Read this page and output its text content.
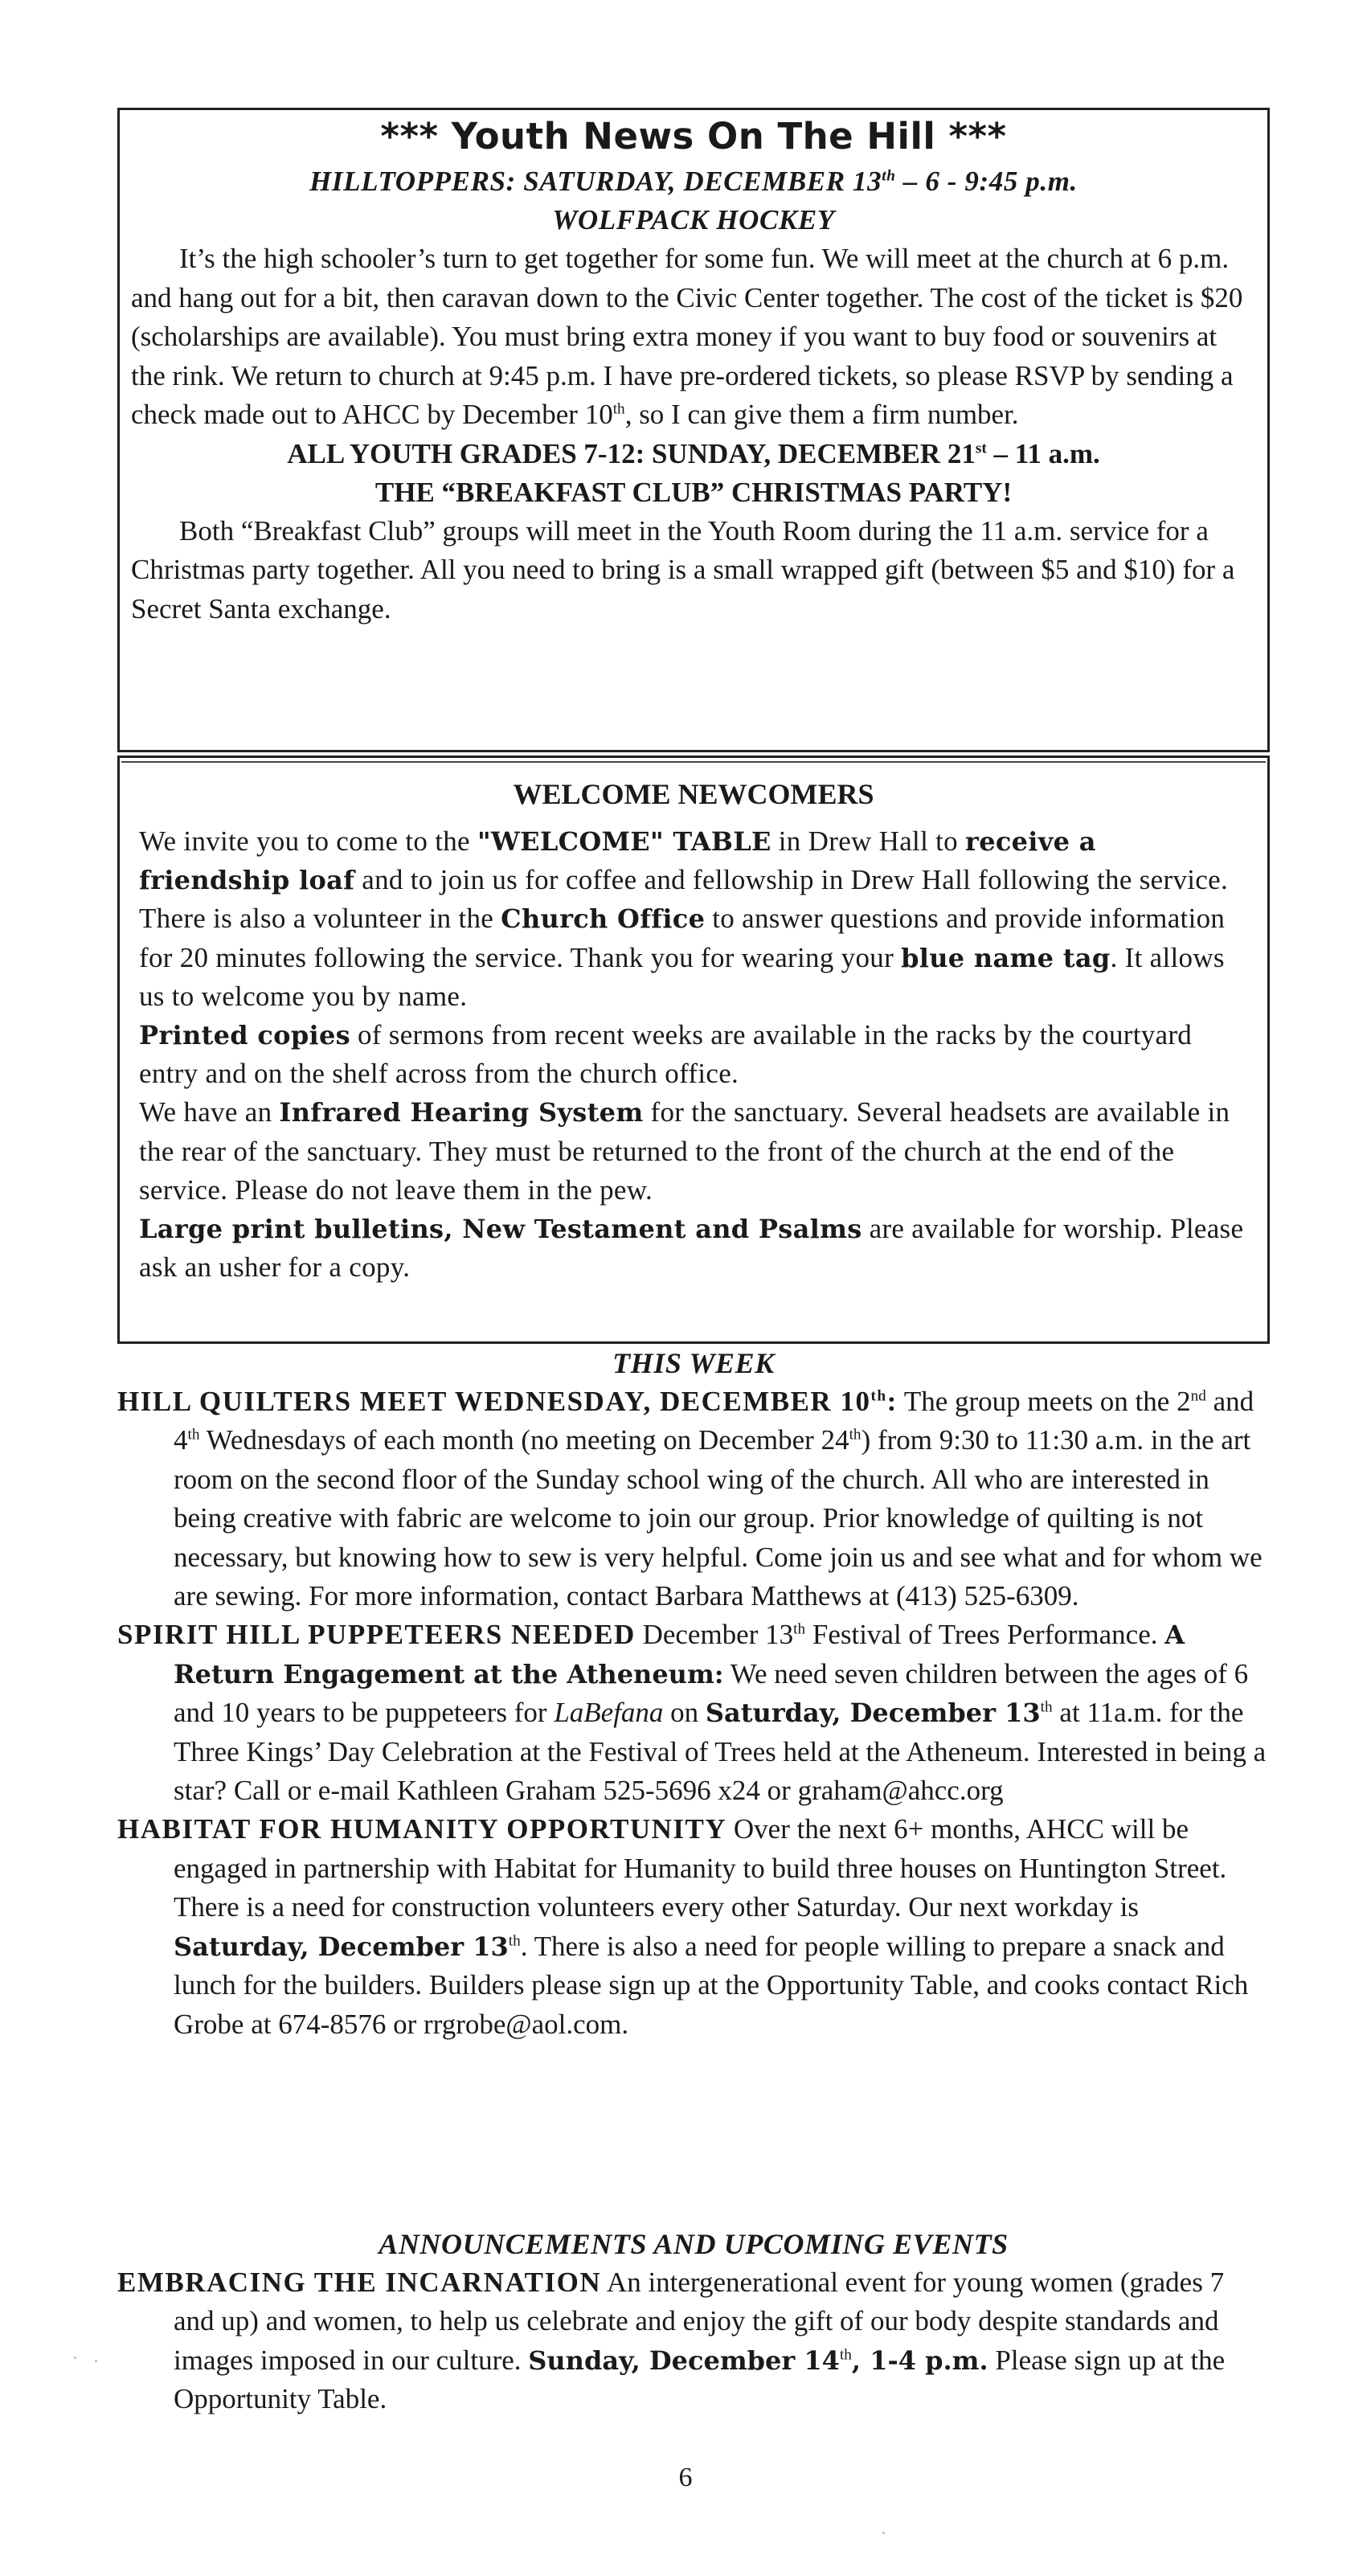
*** Youth News On The Hill ***
HILLTOPPERS: SATURDAY, DECEMBER 13th – 6 - 9:45 p.m.
WOLFPACK HOCKEY
It’s the high schooler’s turn to get together for some fun. We will meet at the church at 6 p.m. and hang out for a bit, then caravan down to the Civic Center together. The cost of the ticket is $20 (scholarships are available). You must bring extra money if you want to buy food or souvenirs at the rink. We return to church at 9:45 p.m. I have pre-ordered tickets, so please RSVP by sending a check made out to AHCC by December 10th, so I can give them a firm number.
ALL YOUTH GRADES 7-12: SUNDAY, DECEMBER 21st – 11 a.m.
THE “BREAKFAST CLUB” CHRISTMAS PARTY!
Both “Breakfast Club” groups will meet in the Youth Room during the 11 a.m. service for a Christmas party together. All you need to bring is a small wrapped gift (between $5 and $10) for a Secret Santa exchange.
WELCOME NEWCOMERS
We invite you to come to the "WELCOME" TABLE in Drew Hall to receive a friendship loaf and to join us for coffee and fellowship in Drew Hall following the service. There is also a volunteer in the Church Office to answer questions and provide information for 20 minutes following the service. Thank you for wearing your blue name tag. It allows us to welcome you by name.
Printed copies of sermons from recent weeks are available in the racks by the courtyard entry and on the shelf across from the church office.
We have an Infrared Hearing System for the sanctuary. Several headsets are available in the rear of the sanctuary. They must be returned to the front of the church at the end of the service. Please do not leave them in the pew.
Large print bulletins, New Testament and Psalms are available for worship. Please ask an usher for a copy.
THIS WEEK

HILL QUILTERS MEET WEDNESDAY, DECEMBER 10th: The group meets on the 2nd and 4th Wednesdays of each month (no meeting on December 24th) from 9:30 to 11:30 a.m. in the art room on the second floor of the Sunday school wing of the church. All who are interested in being creative with fabric are welcome to join our group. Prior knowledge of quilting is not necessary, but knowing how to sew is very helpful. Come join us and see what and for whom we are sewing. For more information, contact Barbara Matthews at (413) 525-6309.

SPIRIT HILL PUPPETEERS NEEDED December 13th Festival of Trees Performance. A Return Engagement at the Atheneum: We need seven children between the ages of 6 and 10 years to be puppeteers for LaBefana on Saturday, December 13th at 11a.m. for the Three Kings’ Day Celebration at the Festival of Trees held at the Atheneum. Interested in being a star? Call or e-mail Kathleen Graham 525-5696 x24 or graham@ahcc.org

HABITAT FOR HUMANITY OPPORTUNITY Over the next 6+ months, AHCC will be engaged in partnership with Habitat for Humanity to build three houses on Huntington Street. There is a need for construction volunteers every other Saturday. Our next workday is Saturday, December 13th. There is also a need for people willing to prepare a snack and lunch for the builders. Builders please sign up at the Opportunity Table, and cooks contact Rich Grobe at 674-8576 or rrgrobe@aol.com.

ANNOUNCEMENTS AND UPCOMING EVENTS

EMBRACING THE INCARNATION An intergenerational event for young women (grades 7 and up) and women, to help us celebrate and enjoy the gift of our body despite standards and images imposed in our culture. Sunday, December 14th, 1-4 p.m. Please sign up at the Opportunity Table.

6
